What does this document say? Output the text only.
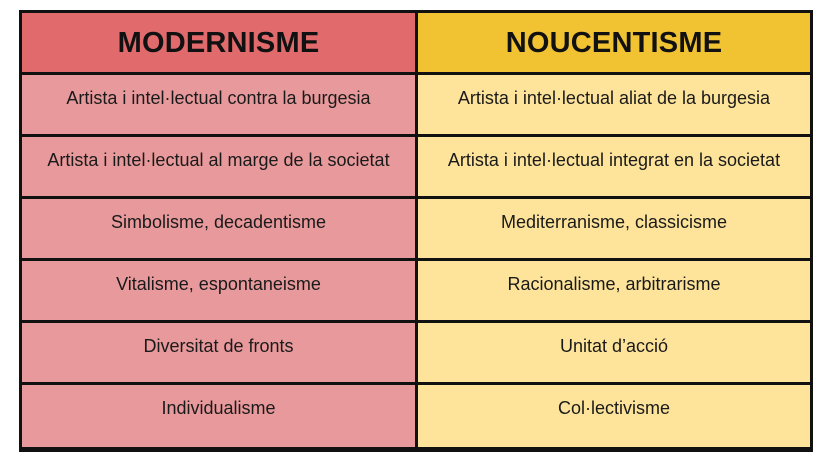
MODERNISME	NOUCENTISME
Artista i intel·lectual contra la burgesia	Artista i intel·lectual aliat de la burgesia
Artista i intel·lectual al marge de la societat	Artista i intel·lectual integrat en la societat
Simbolisme, decadentisme	Mediterranisme, classicisme
Vitalisme, espontaneisme	Racionalisme, arbitrarisme
Diversitat de fronts	Unitat d’acció
Individualisme	Col·lectivisme
